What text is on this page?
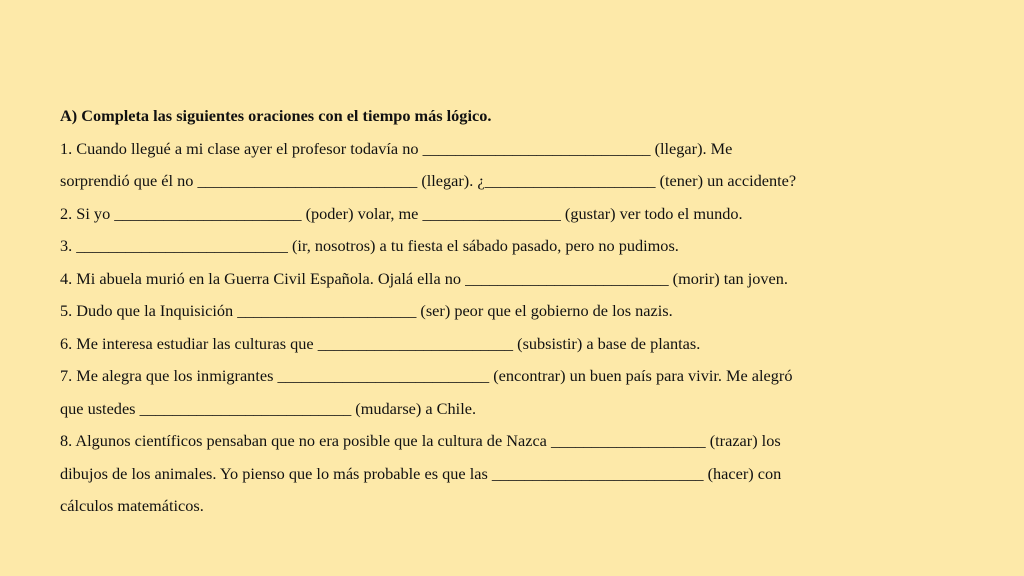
A) Completa las siguientes oraciones con el tiempo más lógico.
1. Cuando llegué a mi clase ayer el profesor todavía no ____________________________ (llegar). Me
sorprendió que él no ___________________________ (llegar). ¿_____________________ (tener) un accidente?
2. Si yo _______________________ (poder) volar, me _________________ (gustar) ver todo el mundo.
3. __________________________ (ir, nosotros) a tu fiesta el sábado pasado, pero no pudimos.
4. Mi abuela murió en la Guerra Civil Española. Ojalá ella no _________________________ (morir) tan joven.
5. Dudo que la Inquisición ______________________ (ser) peor que el gobierno de los nazis.
6. Me interesa estudiar las culturas que ________________________ (subsistir) a base de plantas.
7. Me alegra que los inmigrantes __________________________ (encontrar) un buen país para vivir. Me alegró
que ustedes __________________________ (mudarse) a Chile.
8. Algunos científicos pensaban que no era posible que la cultura de Nazca ___________________ (trazar) los
dibujos de los animales. Yo pienso que lo más probable es que las __________________________ (hacer) con
cálculos matemáticos.
